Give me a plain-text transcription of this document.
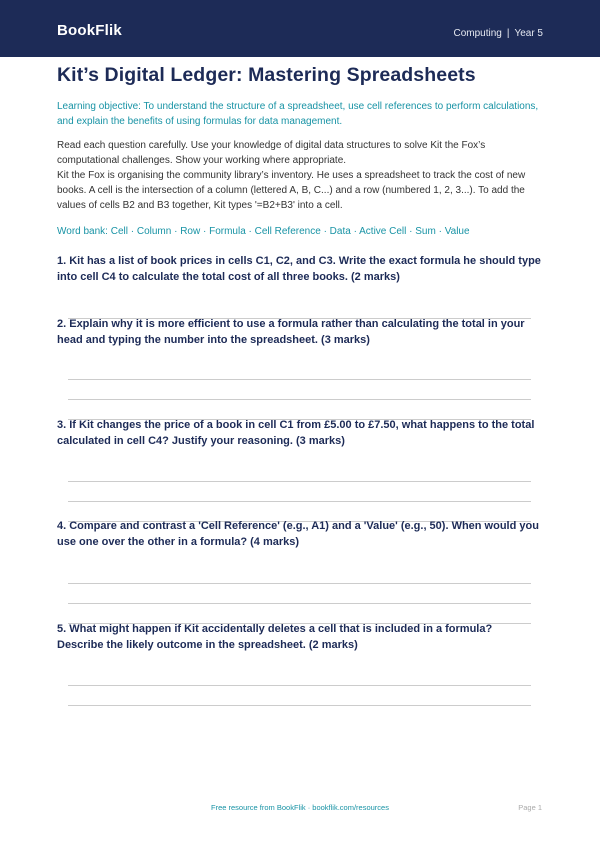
BookFlik	Computing | Year 5
Kit’s Digital Ledger: Mastering Spreadsheets

Learning objective: To understand the structure of a spreadsheet, use cell references to perform calculations, and explain the benefits of using formulas for data management.

Read each question carefully. Use your knowledge of digital data structures to solve Kit the Fox’s computational challenges. Show your working where appropriate.

Kit the Fox is organising the community library’s inventory. He uses a spreadsheet to track the cost of new books. A cell is the intersection of a column (lettered A, B, C...) and a row (numbered 1, 2, 3...). To add the values of cells B2 and B3 together, Kit types '=B2+B3' into a cell.

Word bank: Cell · Column · Row · Formula · Cell Reference · Data · Active Cell · Sum · Value

1. Kit has a list of book prices in cells C1, C2, and C3. Write the exact formula he should type into cell C4 to calculate the total cost of all three books. (2 marks)

2. Explain why it is more efficient to use a formula rather than calculating the total in your head and typing the number into the spreadsheet. (3 marks)

3. If Kit changes the price of a book in cell C1 from £5.00 to £7.50, what happens to the total calculated in cell C4? Justify your reasoning. (3 marks)

4. Compare and contrast a 'Cell Reference' (e.g., A1) and a 'Value' (e.g., 50). When would you use one over the other in a formula? (4 marks)

5. What might happen if Kit accidentally deletes a cell that is included in a formula? Describe the likely outcome in the spreadsheet. (2 marks)

Free resource from BookFlik · bookflik.com/resources	Page 1
